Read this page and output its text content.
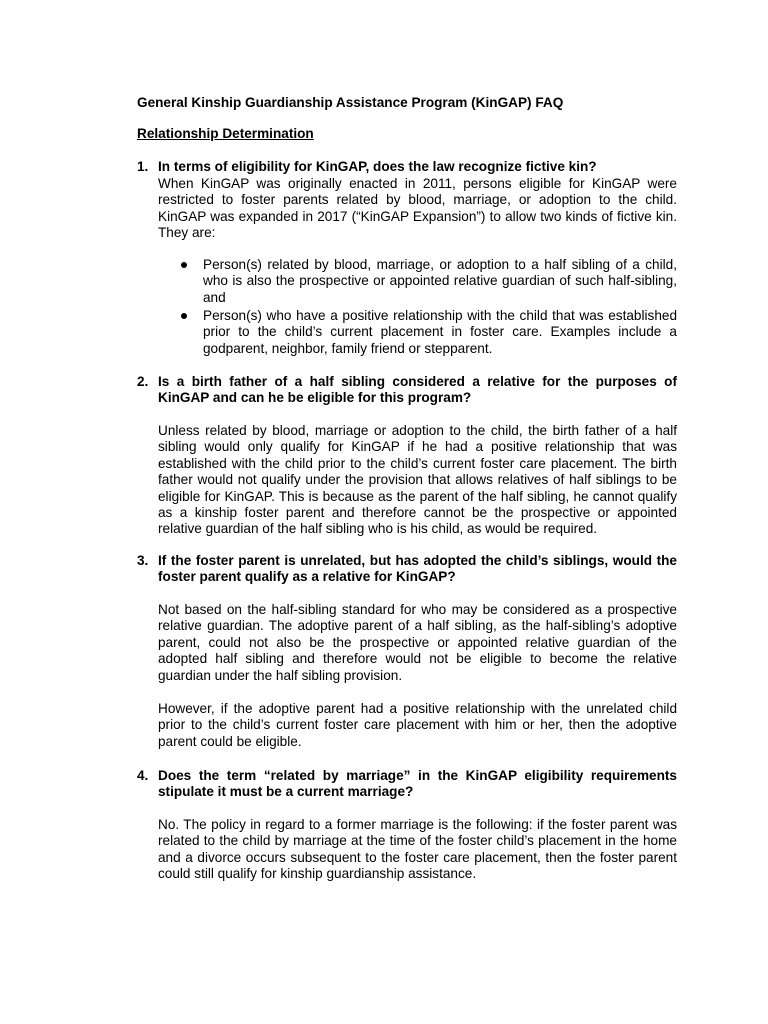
General Kinship Guardianship Assistance Program (KinGAP) FAQ
Relationship Determination
1. In terms of eligibility for KinGAP, does the law recognize fictive kin?

When KinGAP was originally enacted in 2011, persons eligible for KinGAP were restricted to foster parents related by blood, marriage, or adoption to the child. KinGAP was expanded in 2017 (“KinGAP Expansion”) to allow two kinds of fictive kin. They are:

Person(s) related by blood, marriage, or adoption to a half sibling of a child, who is also the prospective or appointed relative guardian of such half-sibling, and

Person(s) who have a positive relationship with the child that was established prior to the child’s current placement in foster care. Examples include a godparent, neighbor, family friend or stepparent.

2. Is a birth father of a half sibling considered a relative for the purposes of KinGAP and can he be eligible for this program?

Unless related by blood, marriage or adoption to the child, the birth father of a half sibling would only qualify for KinGAP if he had a positive relationship that was established with the child prior to the child’s current foster care placement. The birth father would not qualify under the provision that allows relatives of half siblings to be eligible for KinGAP. This is because as the parent of the half sibling, he cannot qualify as a kinship foster parent and therefore cannot be the prospective or appointed relative guardian of the half sibling who is his child, as would be required.

3. If the foster parent is unrelated, but has adopted the child’s siblings, would the foster parent qualify as a relative for KinGAP?

Not based on the half-sibling standard for who may be considered as a prospective relative guardian. The adoptive parent of a half sibling, as the half-sibling’s adoptive parent, could not also be the prospective or appointed relative guardian of the adopted half sibling and therefore would not be eligible to become the relative guardian under the half sibling provision.

However, if the adoptive parent had a positive relationship with the unrelated child prior to the child’s current foster care placement with him or her, then the adoptive parent could be eligible.

4. Does the term “related by marriage” in the KinGAP eligibility requirements stipulate it must be a current marriage?

No. The policy in regard to a former marriage is the following: if the foster parent was related to the child by marriage at the time of the foster child’s placement in the home and a divorce occurs subsequent to the foster care placement, then the foster parent could still qualify for kinship guardianship assistance.
